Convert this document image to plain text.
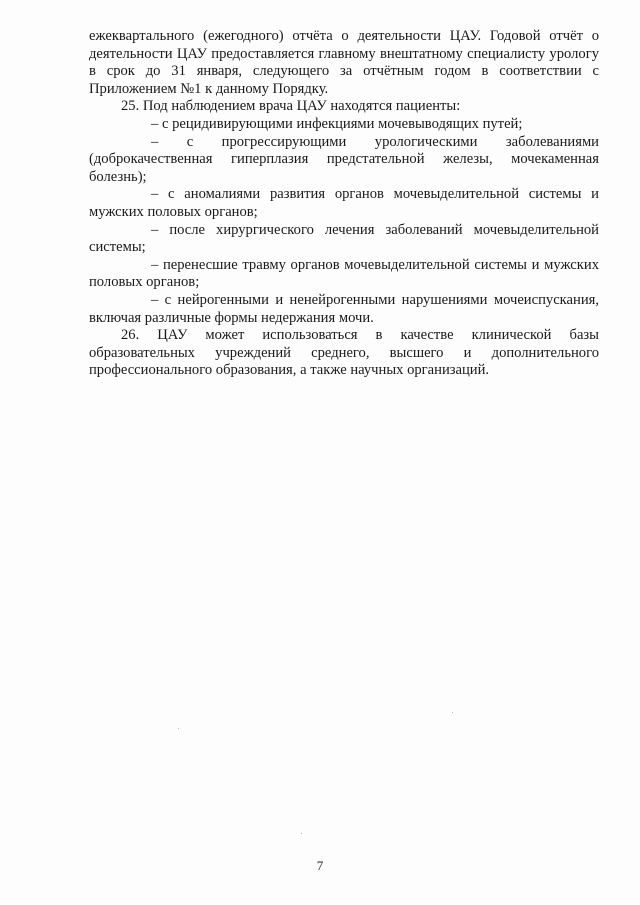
ежеквартального (ежегодного) отчёта о деятельности ЦАУ. Годовой отчёт о деятельности ЦАУ предоставляется главному внештатному специалисту урологу в срок до 31 января, следующего за отчётным годом в соответствии с Приложением №1 к данному Порядку.

25. Под наблюдением врача ЦАУ находятся пациенты:

– с рецидивирующими инфекциями мочевыводящих путей;

– с прогрессирующими урологическими заболеваниями (доброкачественная гиперплазия предстательной железы, мочекаменная болезнь);

– с аномалиями развития органов мочевыделительной системы и мужских половых органов;

– после хирургического лечения заболеваний мочевыделительной системы;

– перенесшие травму органов мочевыделительной системы и мужских половых органов;

– с нейрогенными и ненейрогенными нарушениями мочеиспускания, включая различные формы недержания мочи.

26. ЦАУ может использоваться в качестве клинической базы образовательных учреждений среднего, высшего и дополнительного профессионального образования, а также научных организаций.

7
